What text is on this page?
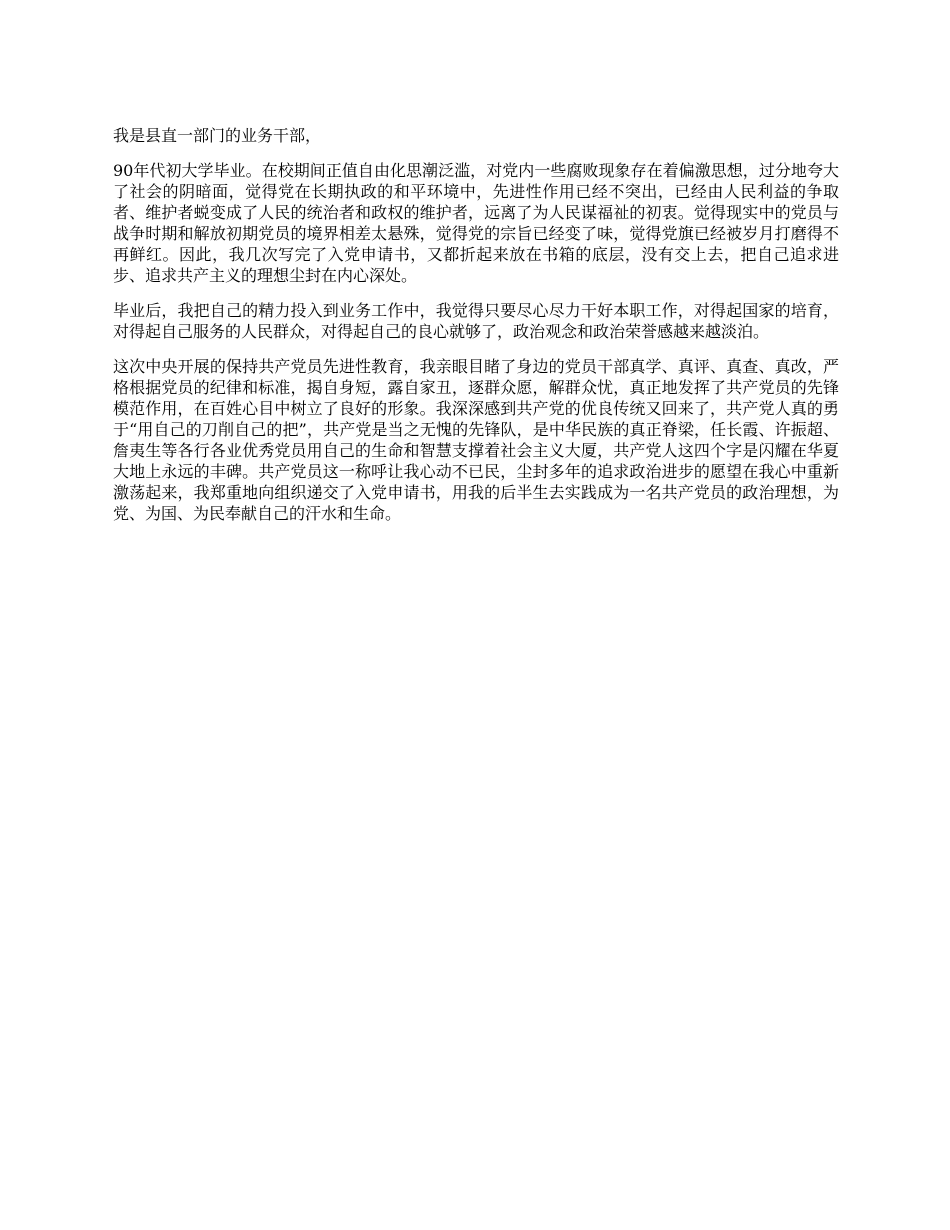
我是县直一部门的业务干部，

90年代初大学毕业。在校期间正值自由化思潮泛滥，对党内一些腐败现象存在着偏激思想，过分地夸大了社会的阴暗面，觉得党在长期执政的和平环境中，先进性作用已经不突出，已经由人民利益的争取者、维护者蜕变成了人民的统治者和政权的维护者，远离了为人民谋福祉的初衷。觉得现实中的党员与战争时期和解放初期党员的境界相差太悬殊，觉得党的宗旨已经变了味，觉得党旗已经被岁月打磨得不再鲜红。因此，我几次写完了入党申请书，又都折起来放在书箱的底层，没有交上去，把自己追求进步、追求共产主义的理想尘封在内心深处。

毕业后，我把自己的精力投入到业务工作中，我觉得只要尽心尽力干好本职工作，对得起国家的培育，对得起自己服务的人民群众，对得起自己的良心就够了，政治观念和政治荣誉感越来越淡泊。

这次中央开展的保持共产党员先进性教育，我亲眼目睹了身边的党员干部真学、真评、真查、真改，严格根据党员的纪律和标准，揭自身短，露自家丑，逐群众愿，解群众忧，真正地发挥了共产党员的先锋模范作用，在百姓心目中树立了良好的形象。我深深感到共产党的优良传统又回来了，共产党人真的勇于“用自己的刀削自己的把”，共产党是当之无愧的先锋队，是中华民族的真正脊梁，任长霞、许振超、詹夷生等各行各业优秀党员用自己的生命和智慧支撑着社会主义大厦，共产党人这四个字是闪耀在华夏大地上永远的丰碑。共产党员这一称呼让我心动不已民，尘封多年的追求政治进步的愿望在我心中重新激荡起来，我郑重地向组织递交了入党申请书，用我的后半生去实践成为一名共产党员的政治理想，为党、为国、为民奉献自己的汗水和生命。
